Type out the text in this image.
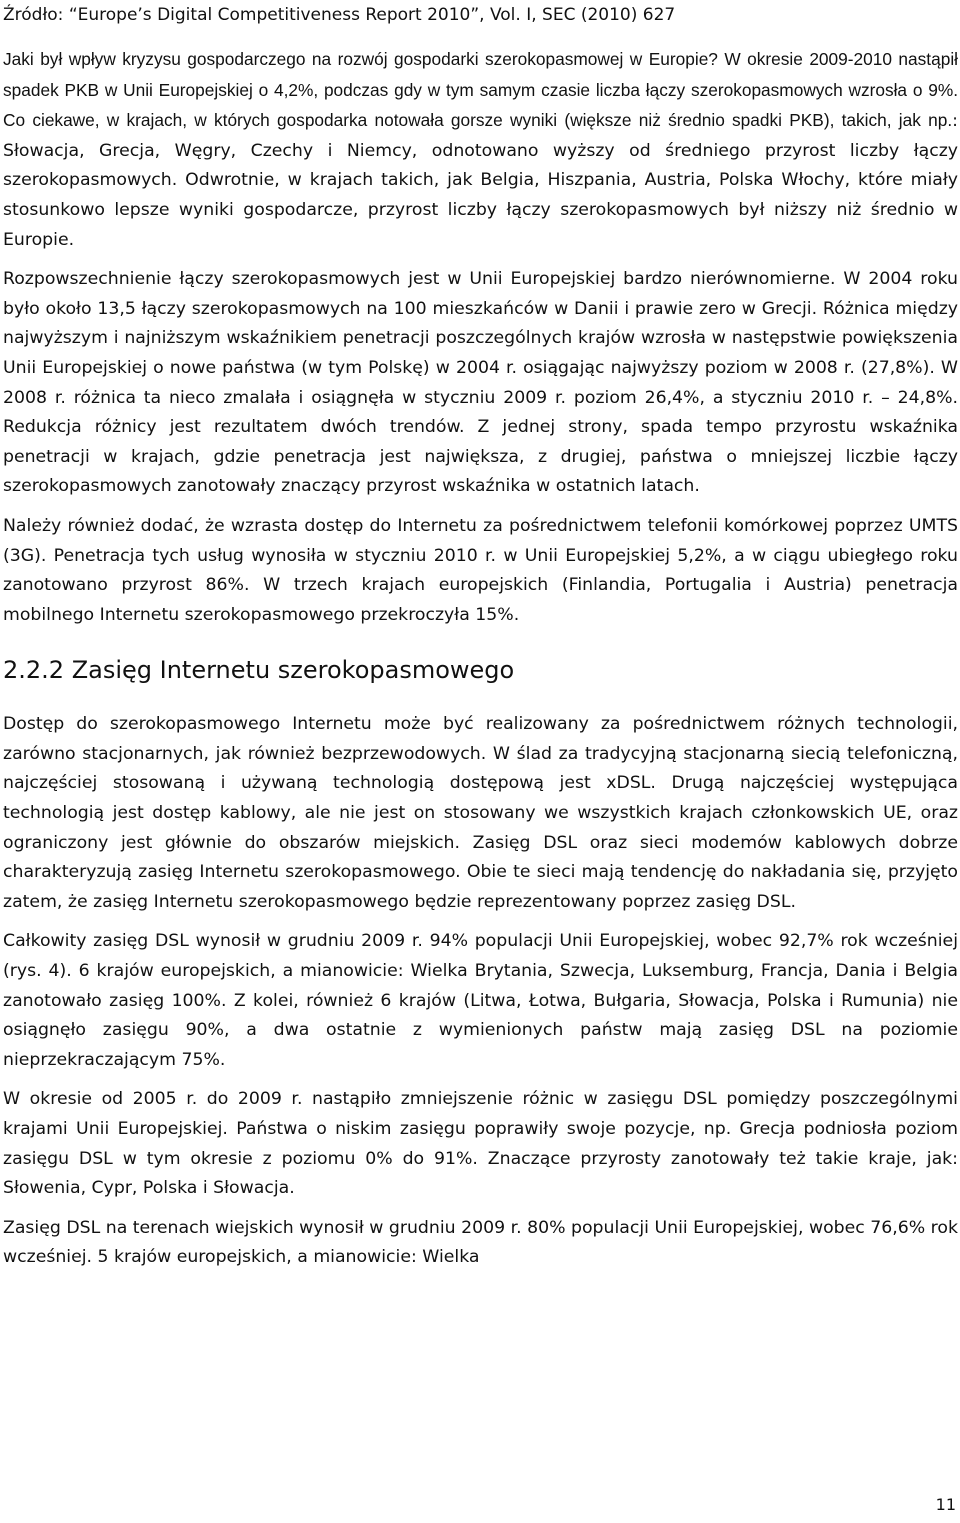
Źródło: “Europe’s Digital Competitiveness Report 2010”, Vol. I, SEC (2010) 627

Jaki był wpływ kryzysu gospodarczego na rozwój gospodarki szerokopasmowej w Europie? W okresie 2009-2010 nastąpił spadek PKB w Unii Europejskiej o 4,2%, podczas gdy w tym samym czasie liczba łączy szerokopasmowych wzrosła o 9%. Co ciekawe, w krajach, w których gospodarka notowała gorsze wyniki (większe niż średnio spadki PKB), takich, jak np.: Słowacja, Grecja, Węgry, Czechy i Niemcy, odnotowano wyższy od średniego przyrost liczby łączy szerokopasmowych. Odwrotnie, w krajach takich, jak Belgia, Hiszpania, Austria, Polska Włochy, które miały stosunkowo lepsze wyniki gospodarcze, przyrost liczby łączy szerokopasmowych był niższy niż średnio w Europie.

Rozpowszechnienie łączy szerokopasmowych jest w Unii Europejskiej bardzo nierównomierne. W 2004 roku było około 13,5 łączy szerokopasmowych na 100 mieszkańców w Danii i prawie zero w Grecji. Różnica między najwyższym i najniższym wskaźnikiem penetracji poszczególnych krajów wzrosła w następstwie powiększenia Unii Europejskiej o nowe państwa (w tym Polskę) w 2004 r. osiągając najwyższy poziom w 2008 r. (27,8%). W 2008 r. różnica ta nieco zmalała i osiągnęła w styczniu 2009 r. poziom 26,4%, a styczniu 2010 r. – 24,8%. Redukcja różnicy jest rezultatem dwóch trendów. Z jednej strony, spada tempo przyrostu wskaźnika penetracji w krajach, gdzie penetracja jest największa, z drugiej, państwa o mniejszej liczbie łączy szerokopasmowych zanotowały znaczący przyrost wskaźnika w ostatnich latach.

Należy również dodać, że wzrasta dostęp do Internetu za pośrednictwem telefonii komórkowej poprzez UMTS (3G). Penetracja tych usług wynosiła w styczniu 2010 r. w Unii Europejskiej 5,2%, a w ciągu ubiegłego roku zanotowano przyrost 86%. W trzech krajach europejskich (Finlandia, Portugalia i Austria) penetracja mobilnego Internetu szerokopasmowego przekroczyła 15%.

2.2.2 Zasięg Internetu szerokopasmowego

Dostęp do szerokopasmowego Internetu może być realizowany za pośrednictwem różnych technologii, zarówno stacjonarnych, jak również bezprzewodowych. W ślad za tradycyjną stacjonarną siecią telefoniczną, najczęściej stosowaną i używaną technologią dostępową jest xDSL. Drugą najczęściej występująca technologią jest dostęp kablowy, ale nie jest on stosowany we wszystkich krajach członkowskich UE, oraz ograniczony jest głównie do obszarów miejskich. Zasięg DSL oraz sieci modemów kablowych dobrze charakteryzują zasięg Internetu szerokopasmowego. Obie te sieci mają tendencję do nakładania się, przyjęto zatem, że zasięg Internetu szerokopasmowego będzie reprezentowany poprzez zasięg DSL.

Całkowity zasięg DSL wynosił w grudniu 2009 r. 94% populacji Unii Europejskiej, wobec 92,7% rok wcześniej (rys. 4). 6 krajów europejskich, a mianowicie: Wielka Brytania, Szwecja, Luksemburg, Francja, Dania i Belgia zanotowało zasięg 100%. Z kolei, również 6 krajów (Litwa, Łotwa, Bułgaria, Słowacja, Polska i Rumunia) nie osiągnęło zasięgu 90%, a dwa ostatnie z wymienionych państw mają zasięg DSL na poziomie nieprzekraczającym 75%.

W okresie od 2005 r. do 2009 r. nastąpiło zmniejszenie różnic w zasięgu DSL pomiędzy poszczególnymi krajami Unii Europejskiej. Państwa o niskim zasięgu poprawiły swoje pozycje, np. Grecja podniosła poziom zasięgu DSL w tym okresie z poziomu 0% do 91%. Znaczące przyrosty zanotowały też takie kraje, jak: Słowenia, Cypr, Polska i Słowacja.

Zasięg DSL na terenach wiejskich wynosił w grudniu 2009 r. 80% populacji Unii Europejskiej, wobec 76,6% rok wcześniej. 5 krajów europejskich, a mianowicie: Wielka

11
